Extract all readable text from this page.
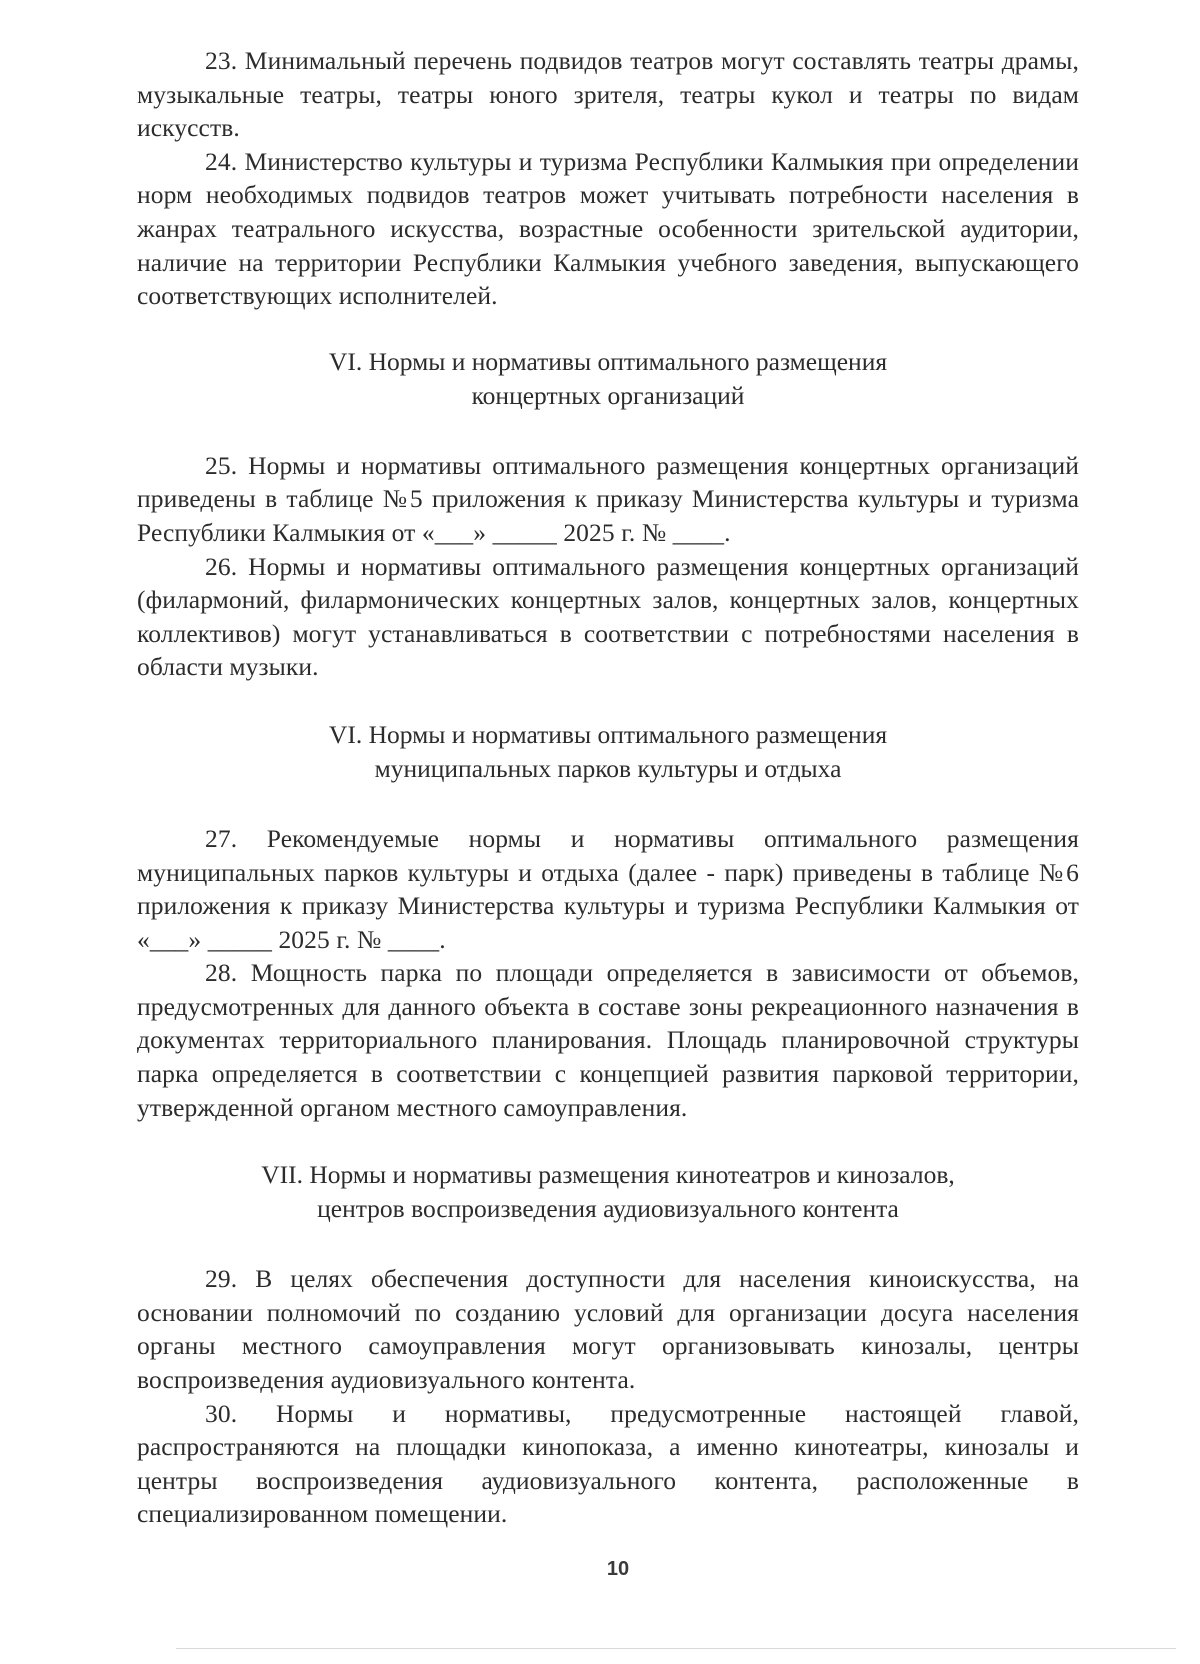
23. Минимальный перечень подвидов театров могут составлять театры драмы, музыкальные театры, театры юного зрителя, театры кукол и театры по видам искусств.

24. Министерство культуры и туризма Республики Калмыкия при определении норм необходимых подвидов театров может учитывать потребности населения в жанрах театрального искусства, возрастные особенности зрительской аудитории, наличие на территории Республики Калмыкия учебного заведения, выпускающего соответствующих исполнителей.

VI. Нормы и нормативы оптимального размещения
концертных организаций

25. Нормы и нормативы оптимального размещения концертных организаций приведены в таблице №5 приложения к приказу Министерства культуры и туризма Республики Калмыкия от «___» _____ 2025 г. № ____.

26. Нормы и нормативы оптимального размещения концертных организаций (филармоний, филармонических концертных залов, концертных залов, концертных коллективов) могут устанавливаться в соответствии с потребностями населения в области музыки.

VI. Нормы и нормативы оптимального размещения
муниципальных парков культуры и отдыха

27. Рекомендуемые нормы и нормативы оптимального размещения муниципальных парков культуры и отдыха (далее - парк) приведены в таблице №6 приложения к приказу Министерства культуры и туризма Республики Калмыкия от «___» _____ 2025 г. № ____.

28. Мощность парка по площади определяется в зависимости от объемов, предусмотренных для данного объекта в составе зоны рекреационного назначения в документах территориального планирования. Площадь планировочной структуры парка определяется в соответствии с концепцией развития парковой территории, утвержденной органом местного самоуправления.

VII. Нормы и нормативы размещения кинотеатров и кинозалов,
центров воспроизведения аудиовизуального контента

29. В целях обеспечения доступности для населения киноискусства, на основании полномочий по созданию условий для организации досуга населения органы местного самоуправления могут организовывать кинозалы, центры воспроизведения аудиовизуального контента.

30. Нормы и нормативы, предусмотренные настоящей главой, распространяются на площадки кинопоказа, а именно кинотеатры, кинозалы и центры воспроизведения аудиовизуального контента, расположенные в специализированном помещении.

10
